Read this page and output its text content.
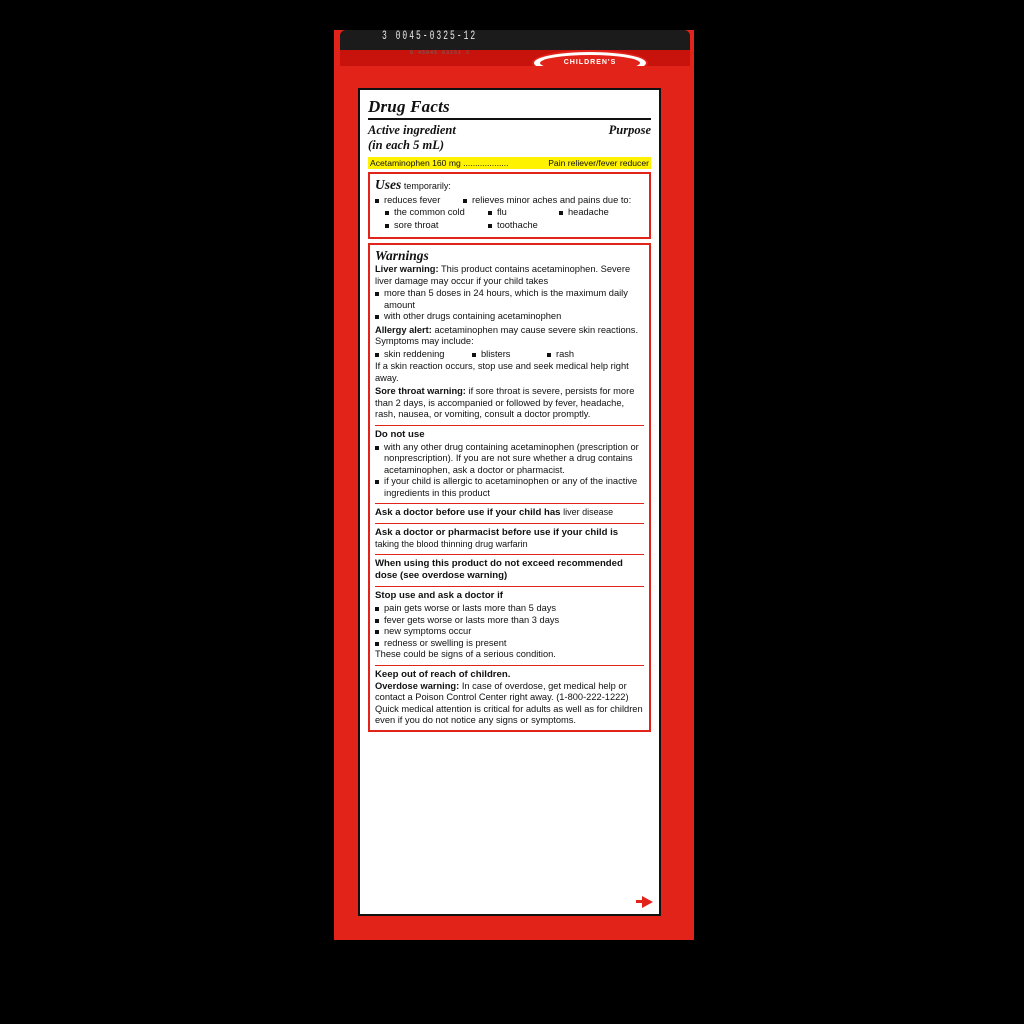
Drug Facts
Active ingredient
(in each 5 mL)
Purpose
Acetaminophen 160 mg ...................	Pain reliever/fever reducer
Uses temporarily:
reduces fever	relieves minor aches and pains due to:
the common cold	flu	headache
sore throat	toothache
Warnings
Liver warning: This product contains acetaminophen. Severe liver damage may occur if your child takes
more than 5 doses in 24 hours, which is the maximum daily amount
with other drugs containing acetaminophen
Allergy alert: acetaminophen may cause severe skin reactions. Symptoms may include:
skin reddening	blisters	rash
If a skin reaction occurs, stop use and seek medical help right away.
Sore throat warning: if sore throat is severe, persists for more than 2 days, is accompanied or followed by fever, headache, rash, nausea, or vomiting, consult a doctor promptly.
Do not use
with any other drug containing acetaminophen (prescription or nonprescription). If you are not sure whether a drug contains acetaminophen, ask a doctor or pharmacist.
if your child is allergic to acetaminophen or any of the inactive ingredients in this product
Ask a doctor before use if your child has liver disease
Ask a doctor or pharmacist before use if your child is
taking the blood thinning drug warfarin
When using this product do not exceed recommended dose (see overdose warning)
Stop use and ask a doctor if
pain gets worse or lasts more than 5 days
fever gets worse or lasts more than 3 days
new symptoms occur
redness or swelling is present
These could be signs of a serious condition.
Keep out of reach of children.
Overdose warning: In case of overdose, get medical help or contact a Poison Control Center right away. (1-800-222-1222) Quick medical attention is critical for adults as well as for children even if you do not notice any signs or symptoms.
3 0045-0325-12
0 45045 03251 2
CHILDREN'S
